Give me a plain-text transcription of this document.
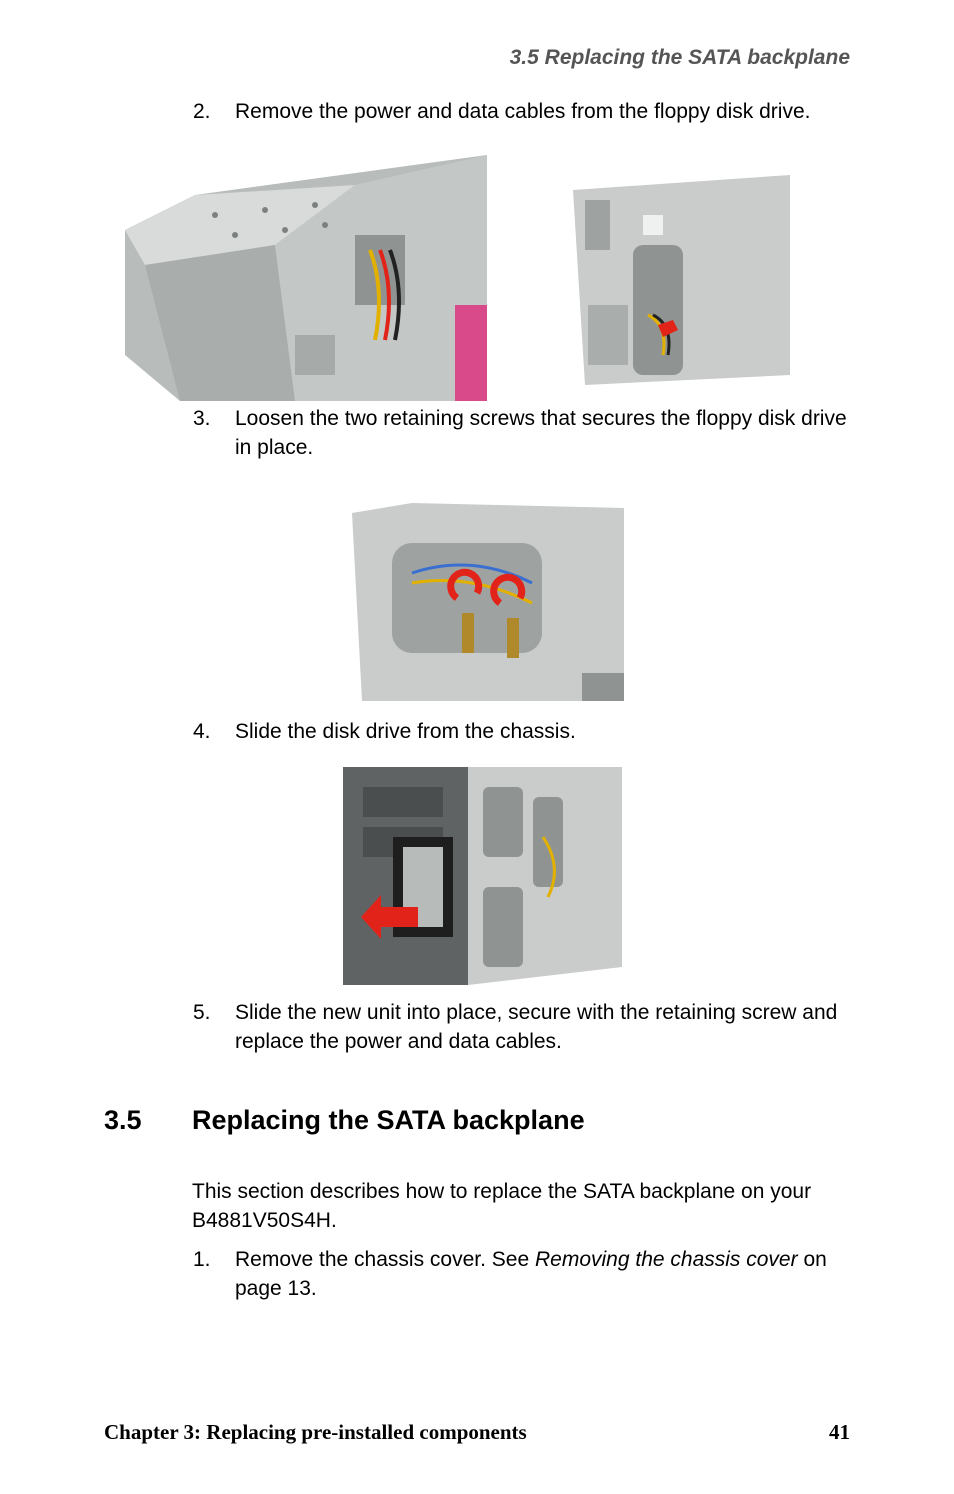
3.5 Replacing the SATA backplane
2.	Remove the power and data cables from the floppy disk drive.
3.	Loosen the two retaining screws that secures the floppy disk drive in place.
4.	Slide the disk drive from the chassis.
5.	Slide the new unit into place, secure with the retaining screw and replace the power and data cables.
3.5 Replacing the SATA backplane
This section describes how to replace the SATA backplane on your B4881V50S4H.
1.	Remove the chassis cover. See Removing the chassis cover on page 13.
Chapter 3: Replacing pre-installed components	41
